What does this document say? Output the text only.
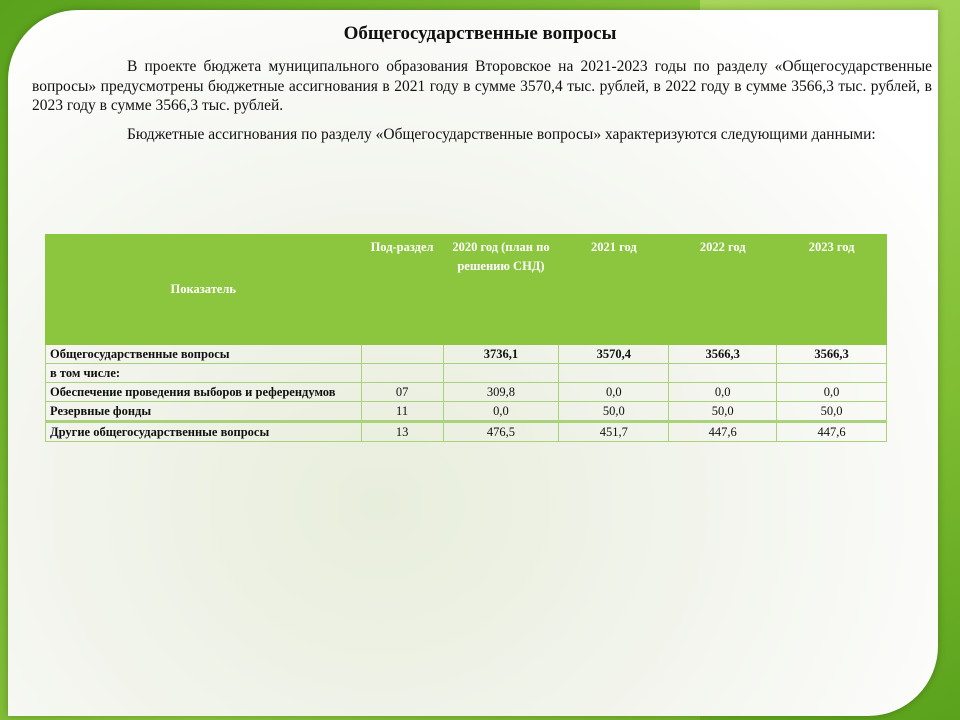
Общегосударственные вопросы
В проекте бюджета муниципального образования Второвское на 2021-2023 годы по разделу «Общегосударственные вопросы» предусмотрены бюджетные ассигнования в 2021 году в сумме 3570,4 тыс. рублей, в 2022 году в сумме 3566,3 тыс. рублей, в 2023 году в сумме 3566,3 тыс. рублей.
Бюджетные ассигнования по разделу «Общегосударственные вопросы» характеризуются следующими данными:
Показатель	Под-раздел	2020 год (план по решению СНД)	2021 год	2022 год	2023 год
Общегосударственные вопросы		3736,1	3570,4	3566,3	3566,3
в том числе:					
Обеспечение проведения выборов и референдумов	07	309,8	0,0	0,0	0,0
Резервные фонды	11	0,0	50,0	50,0	50,0

Другие общегосударственные вопросы	13	476,5	451,7	447,6	447,6
